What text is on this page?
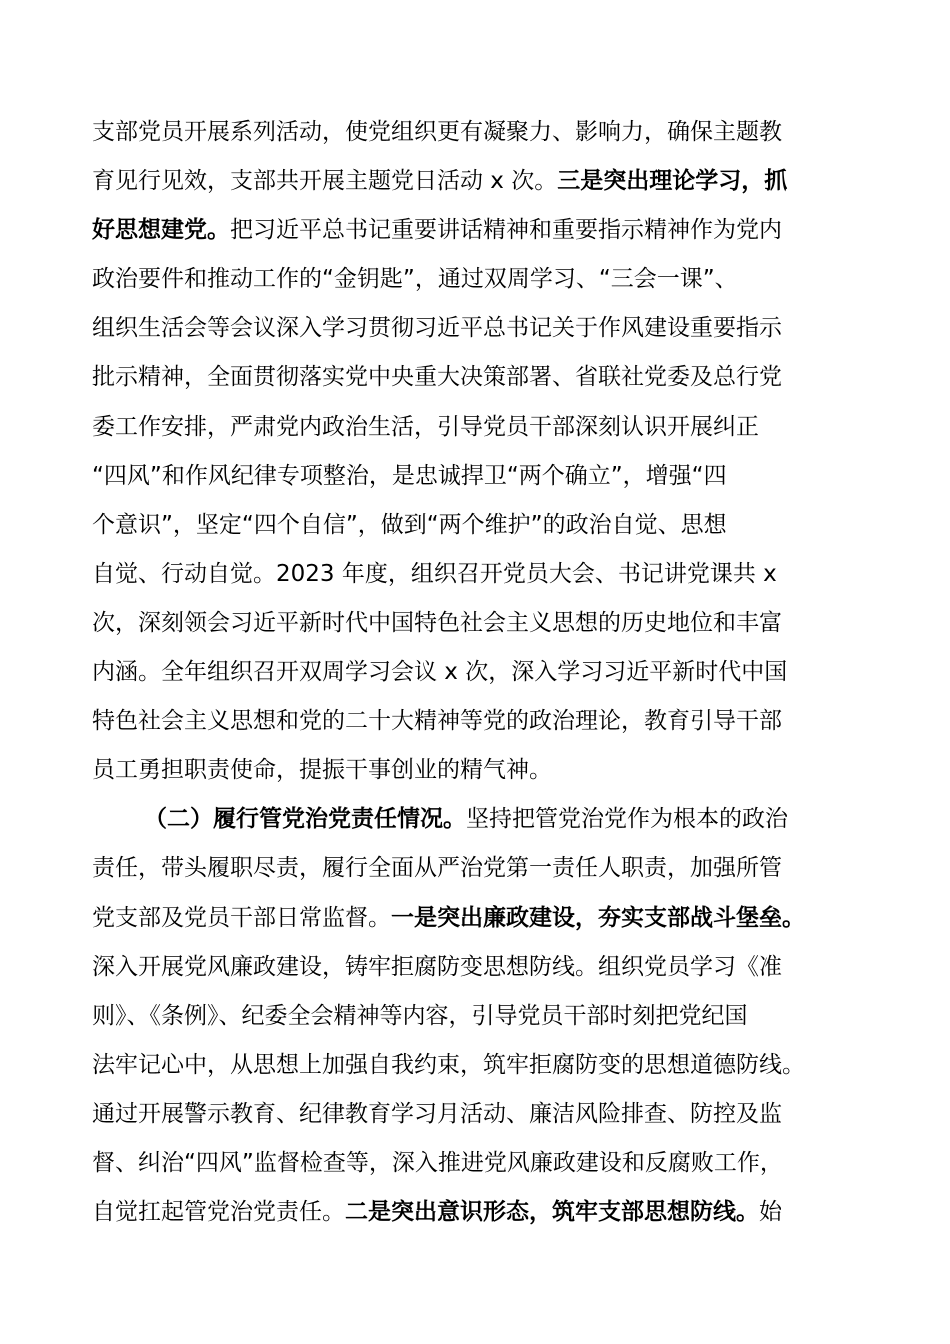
支部党员开展系列活动，使党组织更有凝聚力、影响力，确保主题教
育见行见效，支部共开展主题党日活动 x 次。三是突出理论学习，抓
好思想建党。把习近平总书记重要讲话精神和重要指示精神作为党内
政治要件和推动工作的“金钥匙”，通过双周学习、“三会一课”、
组织生活会等会议深入学习贯彻习近平总书记关于作风建设重要指示
批示精神，全面贯彻落实党中央重大决策部署、省联社党委及总行党
委工作安排，严肃党内政治生活，引导党员干部深刻认识开展纠正
“四风”和作风纪律专项整治，是忠诚捍卫“两个确立”，增强“四
个意识”，坚定“四个自信”，做到“两个维护”的政治自觉、思想
自觉、行动自觉。2023 年度，组织召开党员大会、书记讲党课共 x
次，深刻领会习近平新时代中国特色社会主义思想的历史地位和丰富
内涵。全年组织召开双周学习会议 x 次，深入学习习近平新时代中国
特色社会主义思想和党的二十大精神等党的政治理论，教育引导干部
员工勇担职责使命，提振干事创业的精气神。
（二）履行管党治党责任情况。坚持把管党治党作为根本的政治
责任，带头履职尽责，履行全面从严治党第一责任人职责，加强所管
党支部及党员干部日常监督。一是突出廉政建设，夯实支部战斗堡垒。
深入开展党风廉政建设，铸牢拒腐防变思想防线。组织党员学习《准
则》、《条例》、纪委全会精神等内容，引导党员干部时刻把党纪国
法牢记心中，从思想上加强自我约束，筑牢拒腐防变的思想道德防线。
通过开展警示教育、纪律教育学习月活动、廉洁风险排查、防控及监
督、纠治“四风”监督检查等，深入推进党风廉政建设和反腐败工作，
自觉扛起管党治党责任。二是突出意识形态，筑牢支部思想防线。始
